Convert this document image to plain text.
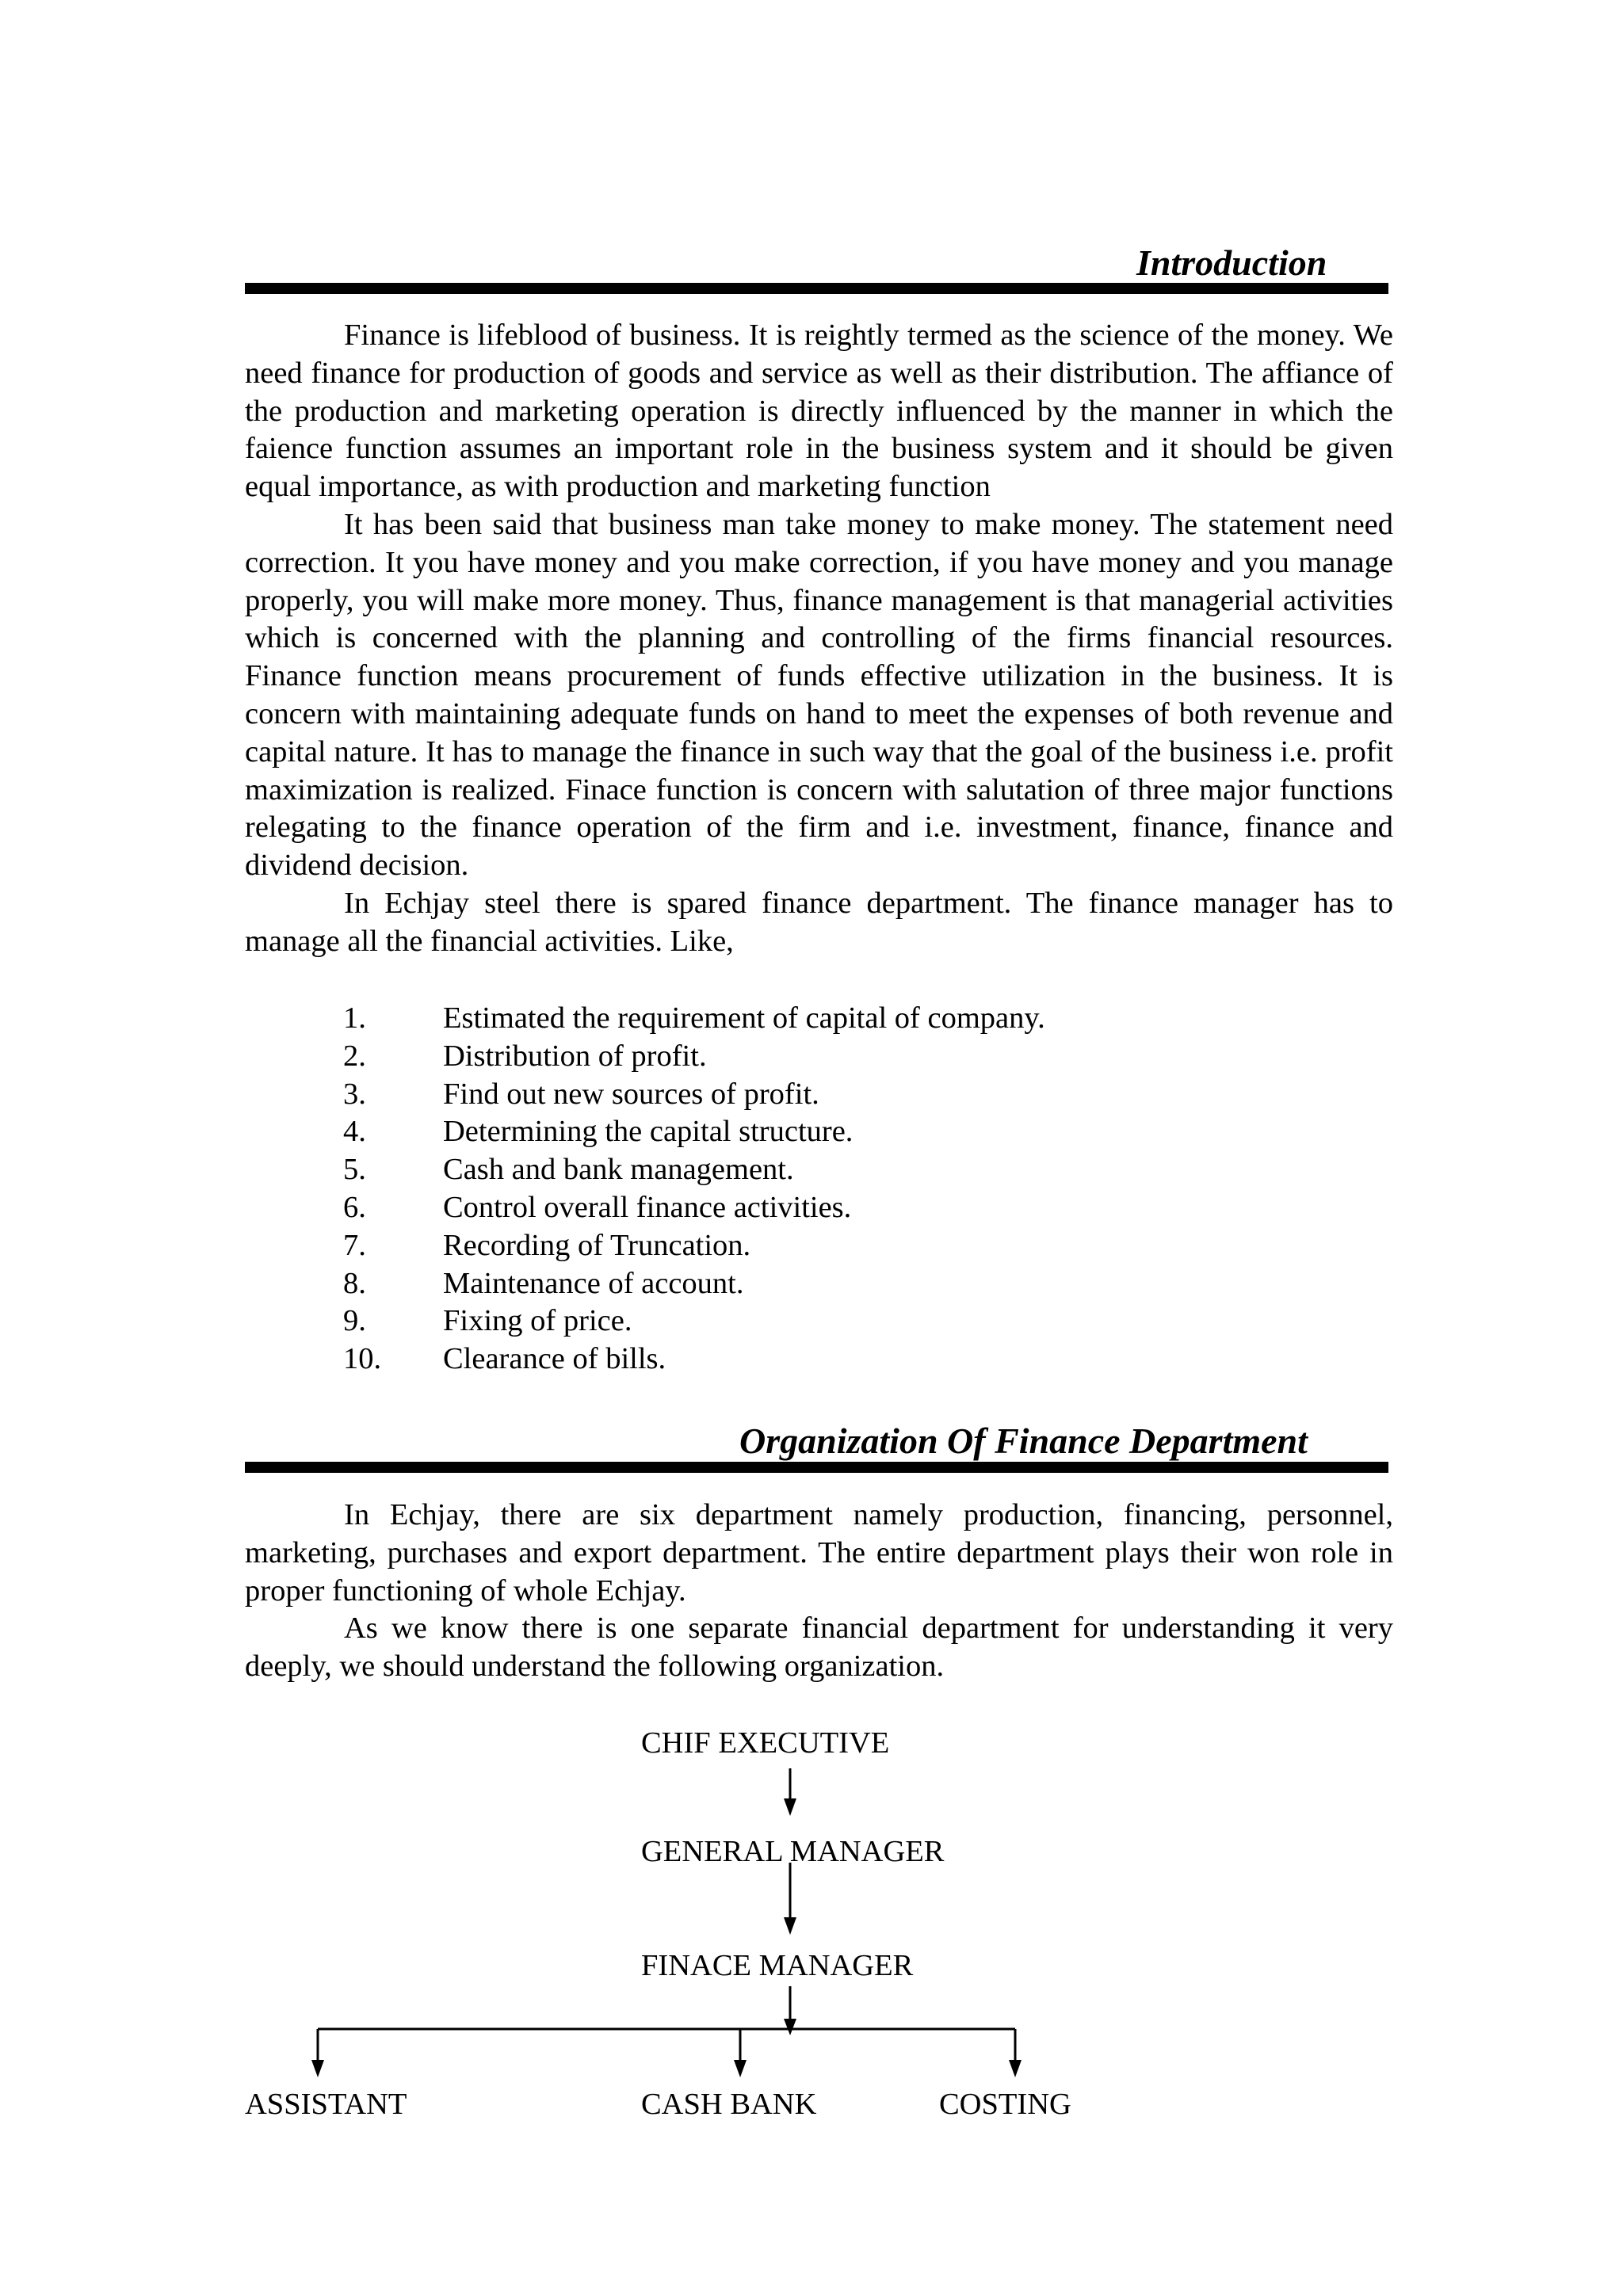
Introduction

Finance is lifeblood of business. It is reightly termed as the science of the money. We need finance for production of goods and service as well as their distribution. The affiance of the production and marketing operation is directly influenced by the manner in which the faience function assumes an important role in the business system and it should be given equal importance, as with production and marketing function

It has been said that business man take money to make money. The statement need correction. It you have money and you make correction, if you have money and you manage properly, you will make more money. Thus, finance management is that managerial activities which is concerned with the planning and controlling of the firms financial resources. Finance function means procurement of funds effective utilization in the business. It is concern with maintaining adequate funds on hand to meet the expenses of both revenue and capital nature. It has to manage the finance in such way that the goal of the business i.e. profit maximization is realized. Finace function is concern with salutation of three major functions relegating to the finance operation of the firm and i.e. investment, finance, finance and dividend decision.

In Echjay steel there is spared finance department. The finance manager has to manage all the financial activities. Like,

1.	Estimated the requirement of capital of company.
2.	Distribution of profit.
3.	Find out new sources of profit.
4.	Determining the capital structure.
5.	Cash and bank management.
6.	Control overall finance activities.
7.	Recording of Truncation.
8.	Maintenance of account.
9.	Fixing of price.
10. Clearance of bills.
Organization Of Finance Department

In Echjay, there are six department namely production, financing, personnel, marketing, purchases and export department. The entire department plays their won role in proper functioning of whole Echjay.

As we know there is one separate financial department for understanding it very deeply, we should understand the following organization.

CHIF EXECUTIVE
GENERAL MANAGER
FINACE MANAGER
ASSISTANT	CASH BANK	COSTING
